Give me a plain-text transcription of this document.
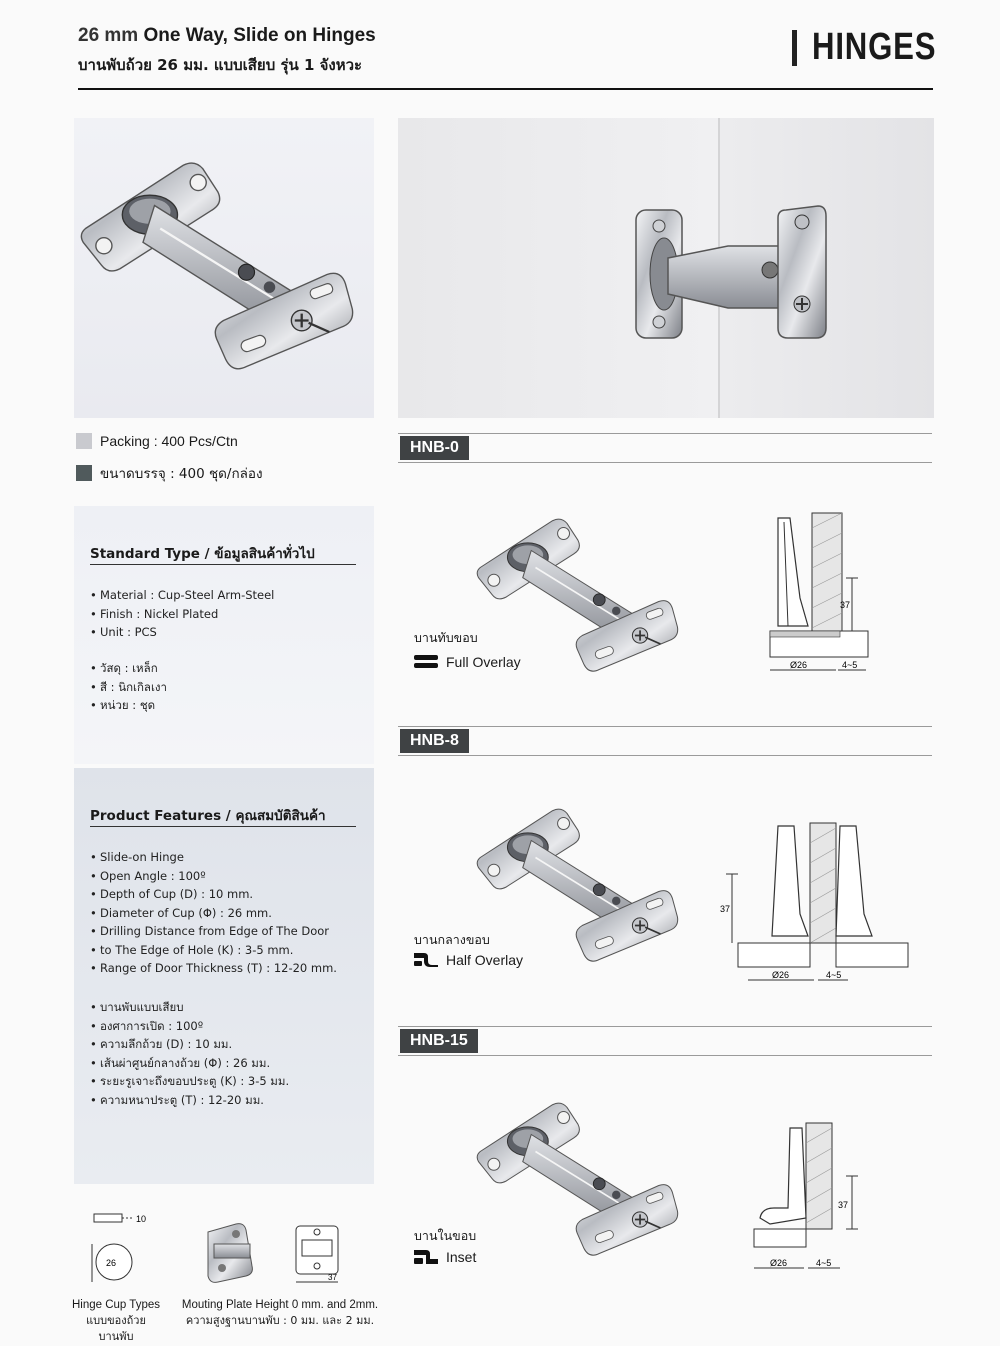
26 mm One Way, Slide on Hinges
บานพับถ้วย 26 มม. แบบเสียบ รุ่น 1 จังหวะ	HINGES
Packing : 400 Pcs/Ctn
ขนาดบรรจุ : 400 ชุด/กล่อง
Standard Type / ข้อมูลสินค้าทั่วไป
• Material : Cup-Steel Arm-Steel
• Finish : Nickel Plated
• Unit : PCS
• วัสดุ : เหล็ก
• สี : นิกเกิลเงา
• หน่วย : ชุด
Product Features / คุณสมบัติสินค้า
• Slide-on Hinge
• Open Angle : 100º
• Depth of Cup (D) : 10 mm.
• Diameter of Cup (Φ) : 26 mm.
• Drilling Distance from Edge of The Door
• to The Edge of Hole (K) : 3-5 mm.
• Range of Door Thickness (T) : 12-20 mm.
• บานพับแบบเสียบ
• องศาการเปิด : 100º
• ความลึกถ้วย (D) : 10 มม.
• เส้นผ่าศูนย์กลางถ้วย (Φ) : 26 มม.
• ระยะรูเจาะถึงขอบประตู (K) : 3-5 มม.
• ความหนาประตู (T) : 12-20 มม.
HNB-0
บานทับขอบ
Full Overlay
37
Ø26	4~5
HNB-8
บานกลางขอบ
Half Overlay
37
Ø26	4~5
HNB-15
บานในขอบ
Inset
37
Ø26	4~5
10
26
Hinge Cup Types
แบบของถ้วยบานพับ
37
Mouting Plate Height 0 mm. and 2mm.
ความสูงฐานบานพับ : 0 มม. และ 2 มม.
